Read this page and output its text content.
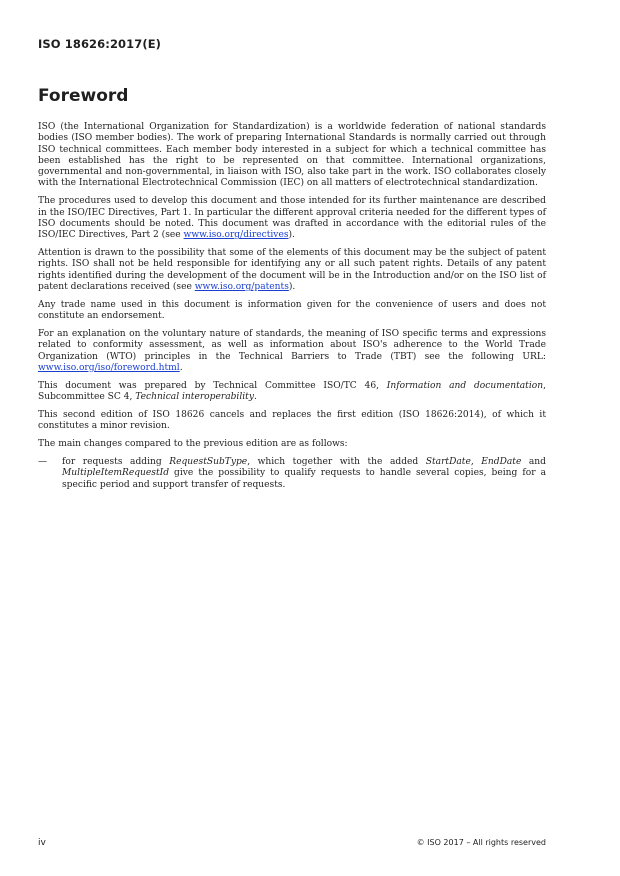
ISO 18626:2017(E)
Foreword

ISO (the International Organization for Standardization) is a worldwide federation of national standards bodies (ISO member bodies). The work of preparing International Standards is normally carried out through ISO technical committees. Each member body interested in a subject for which a technical committee has been established has the right to be represented on that committee. International organizations, governmental and non-governmental, in liaison with ISO, also take part in the work. ISO collaborates closely with the International Electrotechnical Commission (IEC) on all matters of electrotechnical standardization.

The procedures used to develop this document and those intended for its further maintenance are described in the ISO/IEC Directives, Part 1. In particular the different approval criteria needed for the different types of ISO documents should be noted. This document was drafted in accordance with the editorial rules of the ISO/IEC Directives, Part 2 (see www.iso.org/directives).

Attention is drawn to the possibility that some of the elements of this document may be the subject of patent rights. ISO shall not be held responsible for identifying any or all such patent rights. Details of any patent rights identified during the development of the document will be in the Introduction and/or on the ISO list of patent declarations received (see www.iso.org/patents).

Any trade name used in this document is information given for the convenience of users and does not constitute an endorsement.

For an explanation on the voluntary nature of standards, the meaning of ISO specific terms and expressions related to conformity assessment, as well as information about ISO's adherence to the World Trade Organization (WTO) principles in the Technical Barriers to Trade (TBT) see the following URL: www.iso.org/iso/foreword.html.

This document was prepared by Technical Committee ISO/TC 46, Information and documentation, Subcommittee SC 4, Technical interoperability.

This second edition of ISO 18626 cancels and replaces the first edition (ISO 18626:2014), of which it constitutes a minor revision.

The main changes compared to the previous edition are as follows:

—	for requests adding RequestSubType, which together with the added StartDate, EndDate and MultipleItemRequestId give the possibility to qualify requests to handle several copies, being for a specific period and support transfer of requests.
iv	© ISO 2017 – All rights reserved
